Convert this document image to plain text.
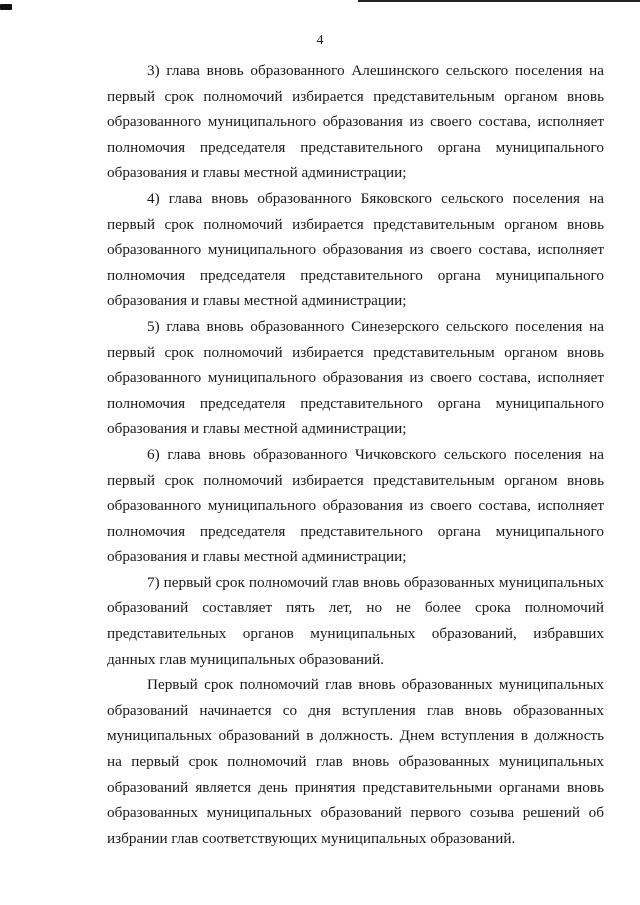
4

3) глава вновь образованного Алешинского сельского поселения на первый срок полномочий избирается представительным органом вновь образованного муниципального образования из своего состава, исполняет полномочия председателя представительного органа муниципального образования и главы местной администрации;

4) глава вновь образованного Бяковского сельского поселения на первый срок полномочий избирается представительным органом вновь образованного муниципального образования из своего состава, исполняет полномочия председателя представительного органа муниципального образования и главы местной администрации;

5) глава вновь образованного Синезерского сельского поселения на первый срок полномочий избирается представительным органом вновь образованного муниципального образования из своего состава, исполняет полномочия председателя представительного органа муниципального образования и главы местной администрации;

6) глава вновь образованного Чичковского сельского поселения на первый срок полномочий избирается представительным органом вновь образованного муниципального образования из своего состава, исполняет полномочия председателя представительного органа муниципального образования и главы местной администрации;

7) первый срок полномочий глав вновь образованных муниципальных образований составляет пять лет, но не более срока полномочий представительных органов муниципальных образований, избравших данных глав муниципальных образований.

Первый срок полномочий глав вновь образованных муниципальных образований начинается со дня вступления глав вновь образованных муниципальных образований в должность. Днем вступления в должность на первый срок полномочий глав вновь образованных муниципальных образований является день принятия представительными органами вновь образованных муниципальных образований первого созыва решений об избрании глав соответствующих муниципальных образований.
